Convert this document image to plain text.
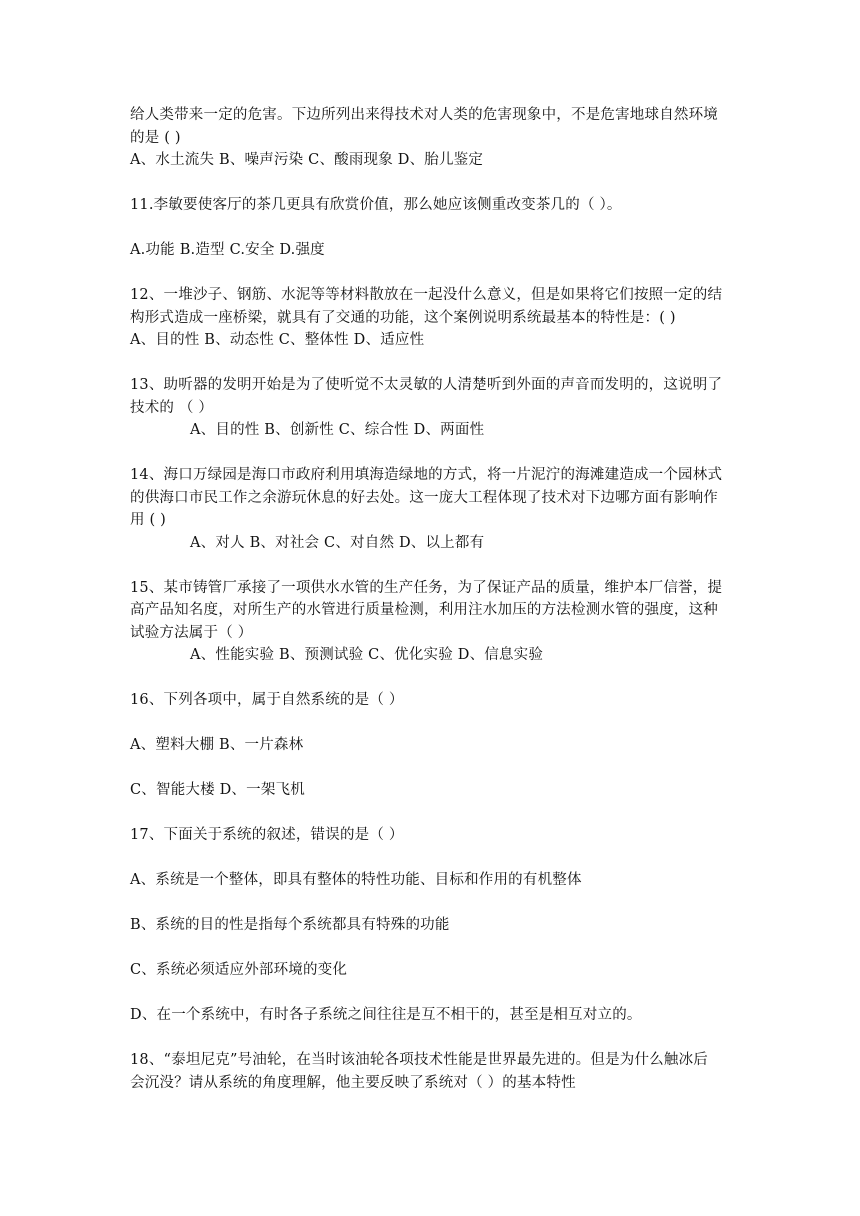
给人类带来一定的危害。下边所列出来得技术对人类的危害现象中，不是危害地球自然环境
的是 ( )
A、水土流失 B、噪声污染 C、酸雨现象 D、胎儿鉴定
11.李敏要使客厅的茶几更具有欣赏价值，那么她应该侧重改变茶几的（ ）。
A.功能 B.造型 C.安全 D.强度
12、一堆沙子、钢筋、水泥等等材料散放在一起没什么意义，但是如果将它们按照一定的结
构形式造成一座桥梁，就具有了交通的功能，这个案例说明系统最基本的特性是：( )
A、目的性 B、动态性 C、整体性 D、适应性
13、助听器的发明开始是为了使听觉不太灵敏的人清楚听到外面的声音而发明的，这说明了
技术的 （ ）
A、目的性 B、创新性 C、综合性 D、两面性
14、海口万绿园是海口市政府利用填海造绿地的方式，将一片泥泞的海滩建造成一个园林式
的供海口市民工作之余游玩休息的好去处。这一庞大工程体现了技术对下边哪方面有影响作
用 ( )
A、对人 B、对社会 C、对自然 D、以上都有
15、某市铸管厂承接了一项供水水管的生产任务，为了保证产品的质量，维护本厂信誉，提
高产品知名度，对所生产的水管进行质量检测，利用注水加压的方法检测水管的强度，这种
试验方法属于（ ）
A、性能实验 B、预测试验 C、优化实验 D、信息实验
16、下列各项中，属于自然系统的是（ ）
A、塑料大棚 B、一片森林
C、智能大楼 D、一架飞机
17、下面关于系统的叙述，错误的是（ ）
A、系统是一个整体，即具有整体的特性功能、目标和作用的有机整体
B、系统的目的性是指每个系统都具有特殊的功能
C、系统必须适应外部环境的变化
D、在一个系统中，有时各子系统之间往往是互不相干的，甚至是相互对立的。
18、“泰坦尼克”号油轮，在当时该油轮各项技术性能是世界最先进的。但是为什么触冰后
会沉没？请从系统的角度理解，他主要反映了系统对（ ）的基本特性
